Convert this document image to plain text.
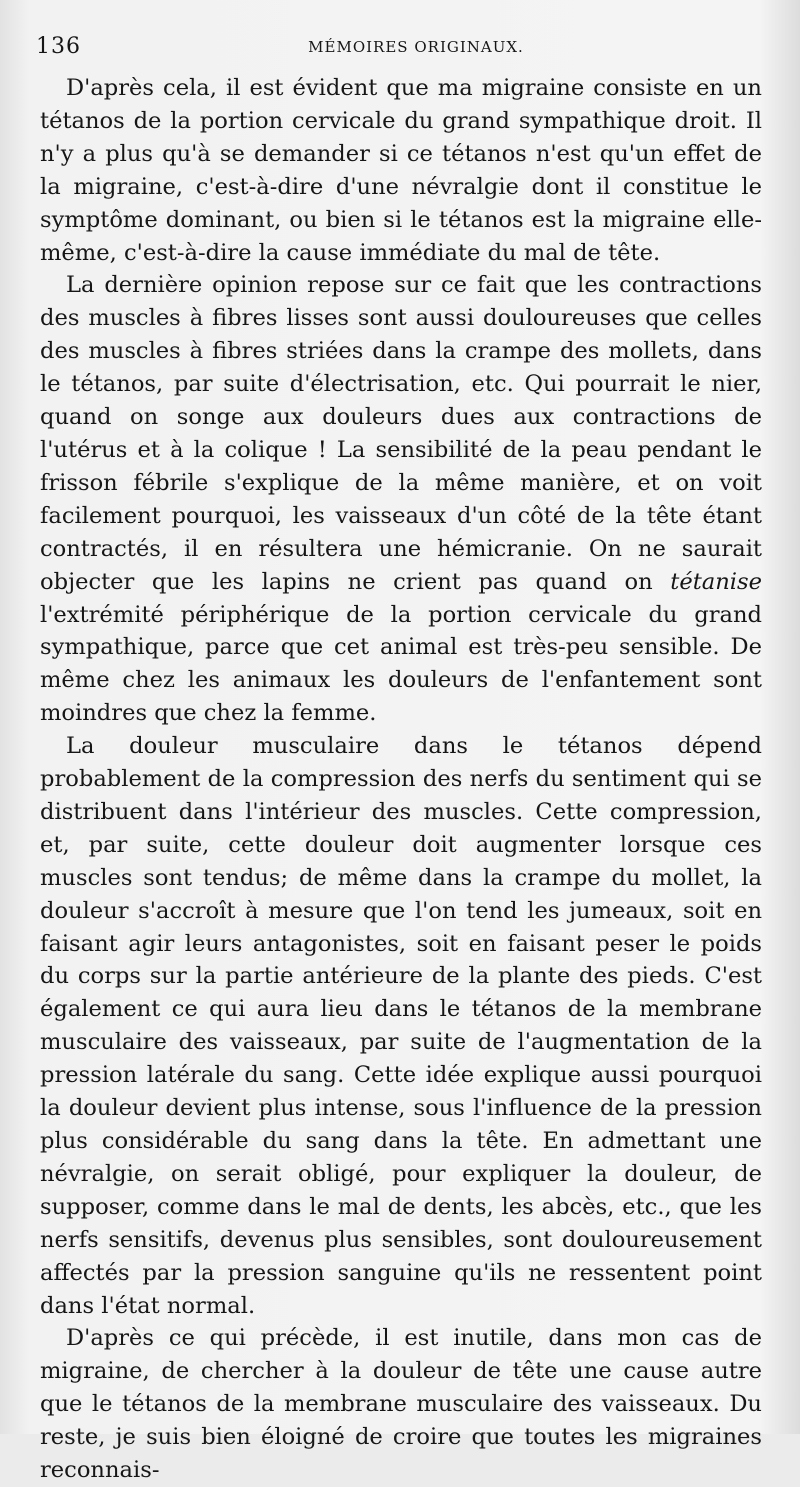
136	MÉMOIRES ORIGINAUX.

D'après cela, il est évident que ma migraine consiste en un tétanos de la portion cervicale du grand sympathique droit. Il n'y a plus qu'à se demander si ce tétanos n'est qu'un effet de la migraine, c'est-à-dire d'une névralgie dont il constitue le symptôme dominant, ou bien si le tétanos est la migraine elle-même, c'est-à-dire la cause immédiate du mal de tête.

La dernière opinion repose sur ce fait que les contractions des muscles à fibres lisses sont aussi douloureuses que celles des muscles à fibres striées dans la crampe des mollets, dans le tétanos, par suite d'électrisation, etc. Qui pourrait le nier, quand on songe aux douleurs dues aux contractions de l'utérus et à la colique ! La sensibilité de la peau pendant le frisson fébrile s'explique de la même manière, et on voit facilement pourquoi, les vaisseaux d'un côté de la tête étant contractés, il en résultera une hémicranie. On ne saurait objecter que les lapins ne crient pas quand on tétanise l'extrémité périphérique de la portion cervicale du grand sympathique, parce que cet animal est très-peu sensible. De même chez les animaux les douleurs de l'enfantement sont moindres que chez la femme.

La douleur musculaire dans le tétanos dépend probablement de la compression des nerfs du sentiment qui se distribuent dans l'intérieur des muscles. Cette compression, et, par suite, cette douleur doit augmenter lorsque ces muscles sont tendus; de même dans la crampe du mollet, la douleur s'accroît à mesure que l'on tend les jumeaux, soit en faisant agir leurs antagonistes, soit en faisant peser le poids du corps sur la partie antérieure de la plante des pieds. C'est également ce qui aura lieu dans le tétanos de la membrane musculaire des vaisseaux, par suite de l'augmentation de la pression latérale du sang. Cette idée explique aussi pourquoi la douleur devient plus intense, sous l'influence de la pression plus considérable du sang dans la tête. En admettant une névralgie, on serait obligé, pour expliquer la douleur, de supposer, comme dans le mal de dents, les abcès, etc., que les nerfs sensitifs, devenus plus sensibles, sont douloureusement affectés par la pression sanguine qu'ils ne ressentent point dans l'état normal.

D'après ce qui précède, il est inutile, dans mon cas de migraine, de chercher à la douleur de tête une cause autre que le tétanos de la membrane musculaire des vaisseaux. Du reste, je suis bien éloigné de croire que toutes les migraines reconnais-
